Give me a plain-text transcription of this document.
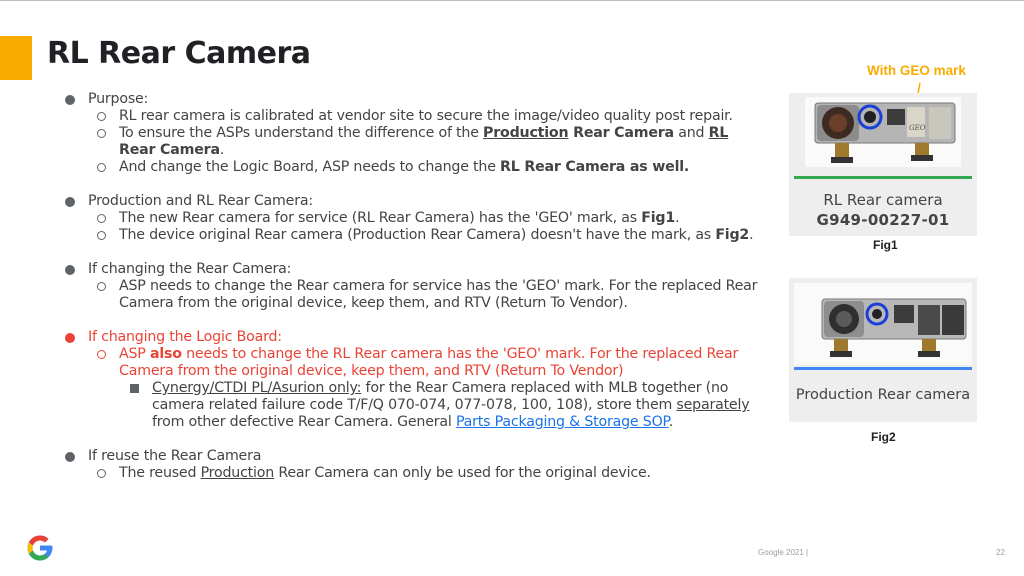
RL Rear Camera
Purpose:
RL rear camera is calibrated at vendor site to secure the image/video quality post repair.
To ensure the ASPs understand the difference of the Production Rear Camera and RL Rear Camera.
And change the Logic Board, ASP needs to change the RL Rear Camera as well.
Production and RL Rear Camera:
The new Rear camera for service (RL Rear Camera) has the 'GEO' mark, as Fig1.
The device original Rear camera (Production Rear Camera) doesn't have the mark, as Fig2.
If changing the Rear Camera:
ASP needs to change the Rear camera for service has the 'GEO' mark. For the replaced Rear Camera from the original device, keep them, and RTV (Return To Vendor).
If changing the Logic Board:
ASP also needs to change the RL Rear camera has the 'GEO' mark. For the replaced Rear Camera from the original device, keep them, and RTV (Return To Vendor)
Cynergy/CTDI PL/Asurion only: for the Rear Camera replaced with MLB together (no camera related failure code T/F/Q 070-074, 077-078, 100, 108), store them separately from other defective Rear Camera. General Parts Packaging & Storage SOP.
If reuse the Rear Camera
The reused Production Rear Camera can only be used for the original device.
With GEO mark
GEO
RL Rear camera
G949-00227-01
Fig1
Production Rear camera
Fig2
Google 2021 |	22
